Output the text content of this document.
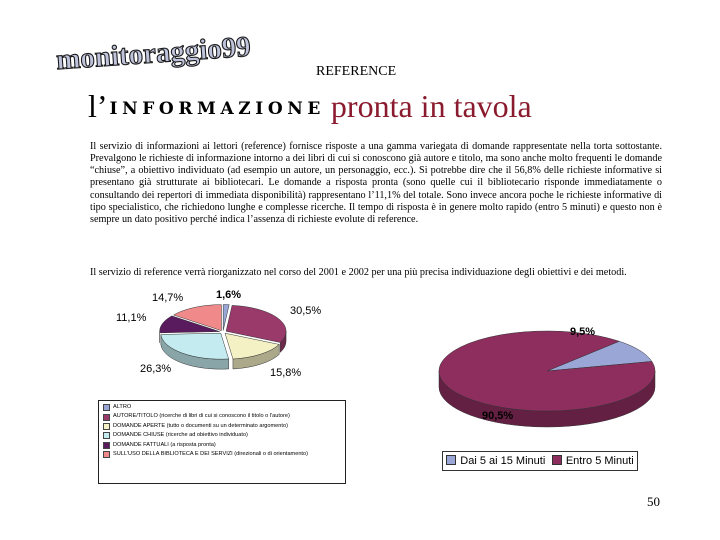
monitoraggio99	REFERENCE
l’ INFORMAZIONE pronta in tavola

Il servizio di informazioni ai lettori (reference) fornisce risposte a una gamma variegata di domande rappresentate nella torta sottostante. Prevalgono le richieste di informazione intorno a dei libri di cui si conoscono già autore e titolo, ma sono anche molto frequenti le domande “chiuse”, a obiettivo individuato (ad esempio un autore, un personaggio, ecc.). Si potrebbe dire che il 56,8% delle richieste informative si presentano già strutturate ai bibliotecari. Le domande a risposta pronta (sono quelle cui il bibliotecario risponde immediatamente o consultando dei repertori di immediata disponibilità) rappresentano l’11,1% del totale. Sono invece ancora poche le richieste informative di tipo specialistico, che richiedono lunghe e complesse ricerche. Il tempo di risposta è in genere molto rapido (entro 5 minuti) e questo non è sempre un dato positivo perché indica l’assenza di richieste evolute di reference.

Il servizio di reference verrà riorganizzato nel corso del 2001 e 2002 per una più precisa individuazione degli obiettivi e dei metodi.

1,6%
30,5%
15,8%
26,3%
11,1%
14,7%
ALTRO
AUTORE/TITOLO (ricerche di libri di cui si conoscono il titolo o l'autore)
DOMANDE APERTE (tutto o documenti su un determinato argomento)
DOMANDE CHIUSE (ricerche ad obiettivo individuato)
DOMANDE FATTUALI (a risposta pronta)
SULL'USO DELLA BIBLIOTECA E DEI SERVIZI (direzionali o di orientamento)
9,5%
90,5%
Dai 5 ai 15 Minuti	Entro 5 Minuti
50
